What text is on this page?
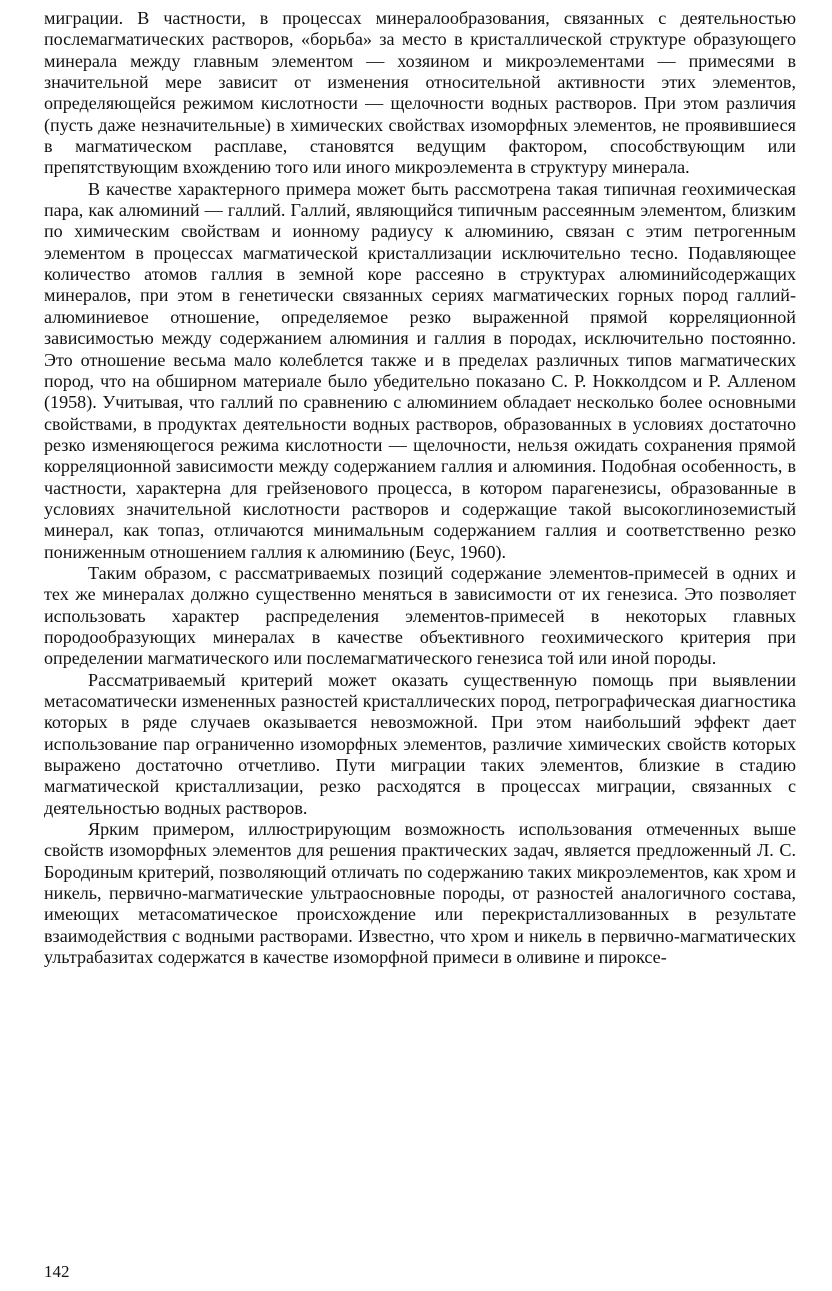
миграции. В частности, в процессах минералообразования, связанных с деятельностью послемагматических растворов, «борьба» за место в кристаллической структуре образующего минерала между главным элементом — хозяином и микроэлементами — примесями в значительной мере зависит от изменения относительной активности этих элементов, определяющейся режимом кислотности — щелочности водных растворов. При этом различия (пусть даже незначительные) в химических свойствах изоморфных элементов, не проявившиеся в магматическом расплаве, становятся ведущим фактором, способствующим или препятствующим вхождению того или иного микроэлемента в структуру минерала.

В качестве характерного примера может быть рассмотрена такая типичная геохимическая пара, как алюминий — галлий. Галлий, являющийся типичным рассеянным элементом, близким по химическим свойствам и ионному радиусу к алюминию, связан с этим петрогенным элементом в процессах магматической кристаллизации исключительно тесно. Подавляющее количество атомов галлия в земной коре рассеяно в структурах алюминийсодержащих минералов, при этом в генетически связанных сериях магматических горных пород галлий-алюминиевое отношение, определяемое резко выраженной прямой корреляционной зависимостью между содержанием алюминия и галлия в породах, исключительно постоянно. Это отношение весьма мало колеблется также и в пределах различных типов магматических пород, что на обширном материале было убедительно показано С. Р. Нокколдсом и Р. Алленом (1958). Учитывая, что галлий по сравнению с алюминием обладает несколько более основными свойствами, в продуктах деятельности водных растворов, образованных в условиях достаточно резко изменяющегося режима кислотности — щелочности, нельзя ожидать сохранения прямой корреляционной зависимости между содержанием галлия и алюминия. Подобная особенность, в частности, характерна для грейзенового процесса, в котором парагенезисы, образованные в условиях значительной кислотности растворов и содержащие такой высокоглиноземистый минерал, как топаз, отличаются минимальным содержанием галлия и соответственно резко пониженным отношением галлия к алюминию (Беус, 1960).

Таким образом, с рассматриваемых позиций содержание элементов-примесей в одних и тех же минералах должно существенно меняться в зависимости от их генезиса. Это позволяет использовать характер распределения элементов-примесей в некоторых главных породообразующих минералах в качестве объективного геохимического критерия при определении магматического или послемагматического генезиса той или иной породы.

Рассматриваемый критерий может оказать существенную помощь при выявлении метасоматически измененных разностей кристаллических пород, петрографическая диагностика которых в ряде случаев оказывается невозможной. При этом наибольший эффект дает использование пар ограниченно изоморфных элементов, различие химических свойств которых выражено достаточно отчетливо. Пути миграции таких элементов, близкие в стадию магматической кристаллизации, резко расходятся в процессах миграции, связанных с деятельностью водных растворов.

Ярким примером, иллюстрирующим возможность использования отмеченных выше свойств изоморфных элементов для решения практических задач, является предложенный Л. С. Бородиным критерий, позволяющий отличать по содержанию таких микроэлементов, как хром и никель, первично-магматические ультраосновные породы, от разностей аналогичного состава, имеющих метасоматическое происхождение или перекристаллизованных в результате взаимодействия с водными растворами. Известно, что хром и никель в первично-магматических ультрабазитах содержатся в качестве изоморфной примеси в оливине и пироксе-

142
